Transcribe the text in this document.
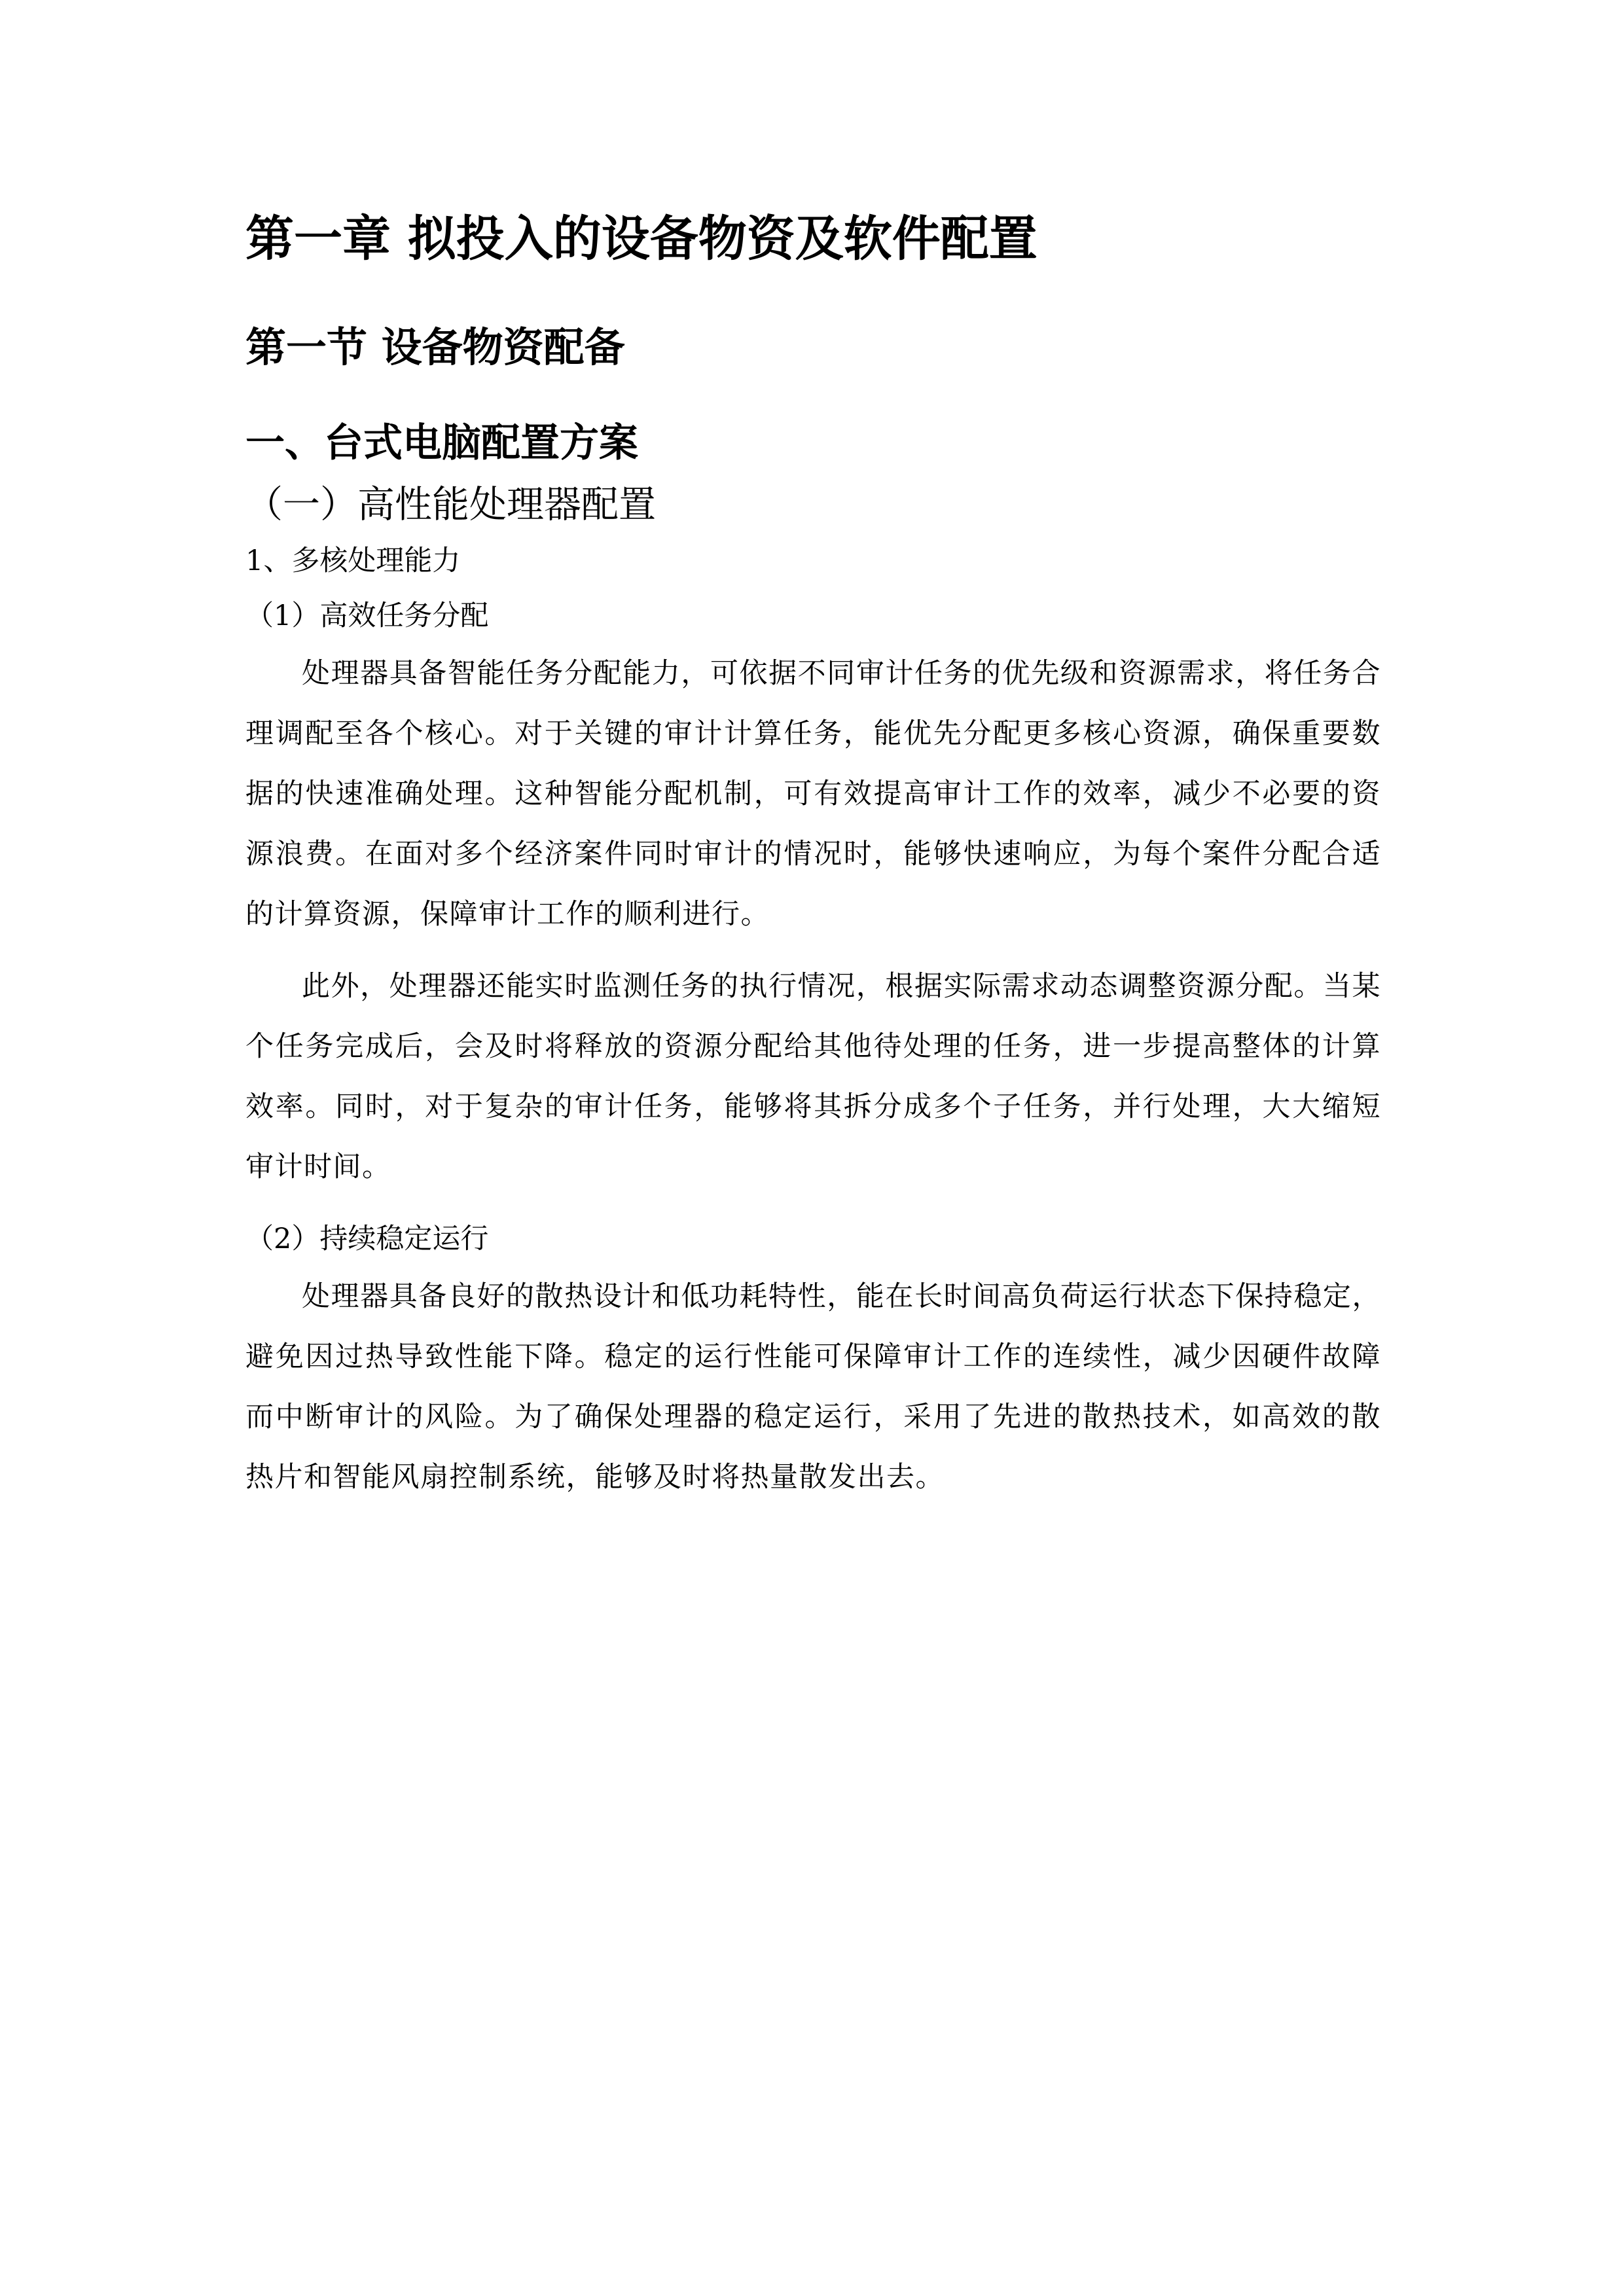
第一章 拟投入的设备物资及软件配置
第一节 设备物资配备
一、台式电脑配置方案
（一）高性能处理器配置
1、多核处理能力
（1）高效任务分配

处理器具备智能任务分配能力，可依据不同审计任务的优先级和资源需求，将任务合理调配至各个核心。对于关键的审计计算任务，能优先分配更多核心资源，确保重要数据的快速准确处理。这种智能分配机制，可有效提高审计工作的效率，减少不必要的资源浪费。在面对多个经济案件同时审计的情况时，能够快速响应，为每个案件分配合适的计算资源，保障审计工作的顺利进行。

此外，处理器还能实时监测任务的执行情况，根据实际需求动态调整资源分配。当某个任务完成后，会及时将释放的资源分配给其他待处理的任务，进一步提高整体的计算效率。同时，对于复杂的审计任务，能够将其拆分成多个子任务，并行处理，大大缩短审计时间。

（2）持续稳定运行

处理器具备良好的散热设计和低功耗特性，能在长时间高负荷运行状态下保持稳定，避免因过热导致性能下降。稳定的运行性能可保障审计工作的连续性，减少因硬件故障而中断审计的风险。为了确保处理器的稳定运行，采用了先进的散热技术，如高效的散热片和智能风扇控制系统，能够及时将热量散发出去。
